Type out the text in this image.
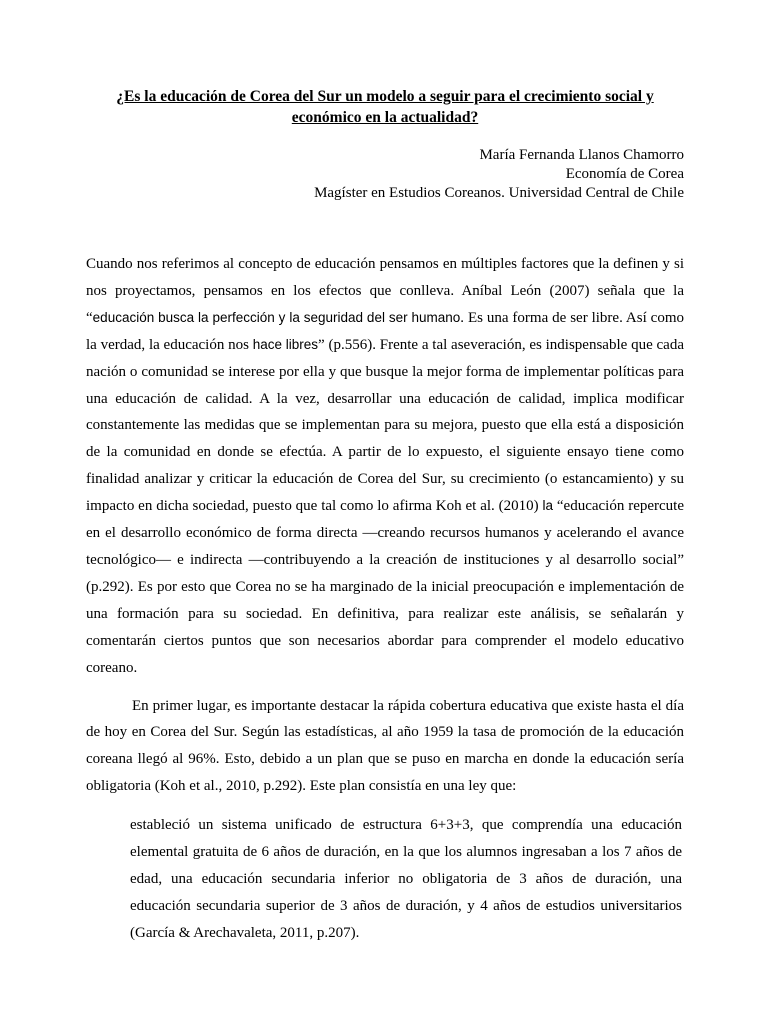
¿Es la educación de Corea del Sur un modelo a seguir para el crecimiento social y económico en la actualidad?
María Fernanda Llanos Chamorro
Economía de Corea
Magíster en Estudios Coreanos. Universidad Central de Chile

Cuando nos referimos al concepto de educación pensamos en múltiples factores que la definen y si nos proyectamos, pensamos en los efectos que conlleva. Aníbal León (2007) señala que la “educación busca la perfección y la seguridad del ser humano. Es una forma de ser libre. Así como la verdad, la educación nos hace libres” (p.556). Frente a tal aseveración, es indispensable que cada nación o comunidad se interese por ella y que busque la mejor forma de implementar políticas para una educación de calidad. A la vez, desarrollar una educación de calidad, implica modificar constantemente las medidas que se implementan para su mejora, puesto que ella está a disposición de la comunidad en donde se efectúa. A partir de lo expuesto, el siguiente ensayo tiene como finalidad analizar y criticar la educación de Corea del Sur, su crecimiento (o estancamiento) y su impacto en dicha sociedad, puesto que tal como lo afirma Koh et al. (2010) la “educación repercute en el desarrollo económico de forma directa —creando recursos humanos y acelerando el avance tecnológico— e indirecta —contribuyendo a la creación de instituciones y al desarrollo social” (p.292). Es por esto que Corea no se ha marginado de la inicial preocupación e implementación de una formación para su sociedad. En definitiva, para realizar este análisis, se señalarán y comentarán ciertos puntos que son necesarios abordar para comprender el modelo educativo coreano.

En primer lugar, es importante destacar la rápida cobertura educativa que existe hasta el día de hoy en Corea del Sur. Según las estadísticas, al año 1959 la tasa de promoción de la educación coreana llegó al 96%. Esto, debido a un plan que se puso en marcha en donde la educación sería obligatoria (Koh et al., 2010, p.292). Este plan consistía en una ley que:

estableció un sistema unificado de estructura 6+3+3, que comprendía una educación elemental gratuita de 6 años de duración, en la que los alumnos ingresaban a los 7 años de edad, una educación secundaria inferior no obligatoria de 3 años de duración, una educación secundaria superior de 3 años de duración, y 4 años de estudios universitarios (García & Arechavaleta, 2011, p.207).
